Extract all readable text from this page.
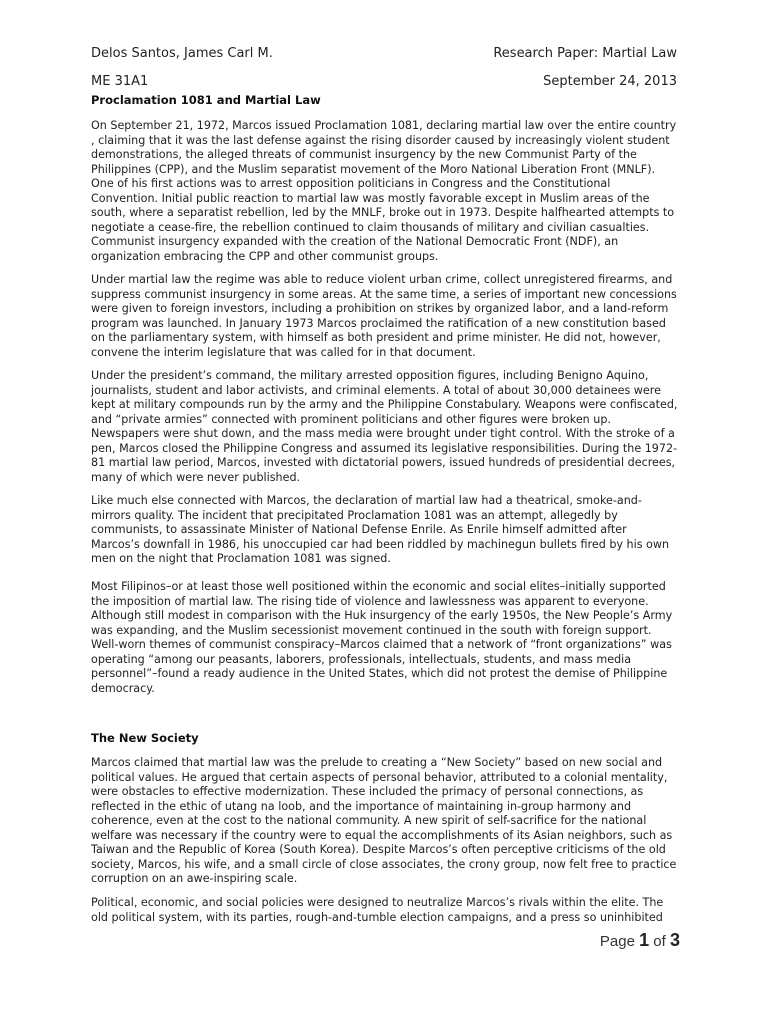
Delos Santos, James Carl M.	Research Paper: Martial Law
ME 31A1	September 24, 2013
Proclamation 1081 and Martial Law

On September 21, 1972, Marcos issued Proclamation 1081, declaring martial law over the entire country , claiming that it was the last defense against the rising disorder caused by increasingly violent student demonstrations, the alleged threats of communist insurgency by the new Communist Party of the Philippines (CPP), and the Muslim separatist movement of the Moro National Liberation Front (MNLF). One of his first actions was to arrest opposition politicians in Congress and the Constitutional Convention. Initial public reaction to martial law was mostly favorable except in Muslim areas of the south, where a separatist rebellion, led by the MNLF, broke out in 1973. Despite halfhearted attempts to negotiate a cease-fire, the rebellion continued to claim thousands of military and civilian casualties. Communist insurgency expanded with the creation of the National Democratic Front (NDF), an organization embracing the CPP and other communist groups.

Under martial law the regime was able to reduce violent urban crime, collect unregistered firearms, and suppress communist insurgency in some areas. At the same time, a series of important new concessions were given to foreign investors, including a prohibition on strikes by organized labor, and a land-reform program was launched. In January 1973 Marcos proclaimed the ratification of a new constitution based on the parliamentary system, with himself as both president and prime minister. He did not, however, convene the interim legislature that was called for in that document.

Under the president’s command, the military arrested opposition figures, including Benigno Aquino, journalists, student and labor activists, and criminal elements. A total of about 30,000 detainees were kept at military compounds run by the army and the Philippine Constabulary. Weapons were confiscated, and “private armies” connected with prominent politicians and other figures were broken up. Newspapers were shut down, and the mass media were brought under tight control. With the stroke of a pen, Marcos closed the Philippine Congress and assumed its legislative responsibilities. During the 1972-81 martial law period, Marcos, invested with dictatorial powers, issued hundreds of presidential decrees, many of which were never published.

Like much else connected with Marcos, the declaration of martial law had a theatrical, smoke-and-mirrors quality. The incident that precipitated Proclamation 1081 was an attempt, allegedly by communists, to assassinate Minister of National Defense Enrile. As Enrile himself admitted after Marcos’s downfall in 1986, his unoccupied car had been riddled by machinegun bullets fired by his own men on the night that Proclamation 1081 was signed.

Most Filipinos–or at least those well positioned within the economic and social elites–initially supported the imposition of martial law. The rising tide of violence and lawlessness was apparent to everyone. Although still modest in comparison with the Huk insurgency of the early 1950s, the New People’s Army was expanding, and the Muslim secessionist movement continued in the south with foreign support. Well-worn themes of communist conspiracy–Marcos claimed that a network of “front organizations” was operating “among our peasants, laborers, professionals, intellectuals, students, and mass media personnel”–found a ready audience in the United States, which did not protest the demise of Philippine democracy.

The New Society

Marcos claimed that martial law was the prelude to creating a “New Society” based on new social and political values. He argued that certain aspects of personal behavior, attributed to a colonial mentality, were obstacles to effective modernization. These included the primacy of personal connections, as reflected in the ethic of utang na loob, and the importance of maintaining in-group harmony and coherence, even at the cost to the national community. A new spirit of self-sacrifice for the national welfare was necessary if the country were to equal the accomplishments of its Asian neighbors, such as Taiwan and the Republic of Korea (South Korea). Despite Marcos’s often perceptive criticisms of the old society, Marcos, his wife, and a small circle of close associates, the crony group, now felt free to practice corruption on an awe-inspiring scale.

Political, economic, and social policies were designed to neutralize Marcos’s rivals within the elite. The old political system, with its parties, rough-and-tumble election campaigns, and a press so uninhibited

Page 1 of 3
